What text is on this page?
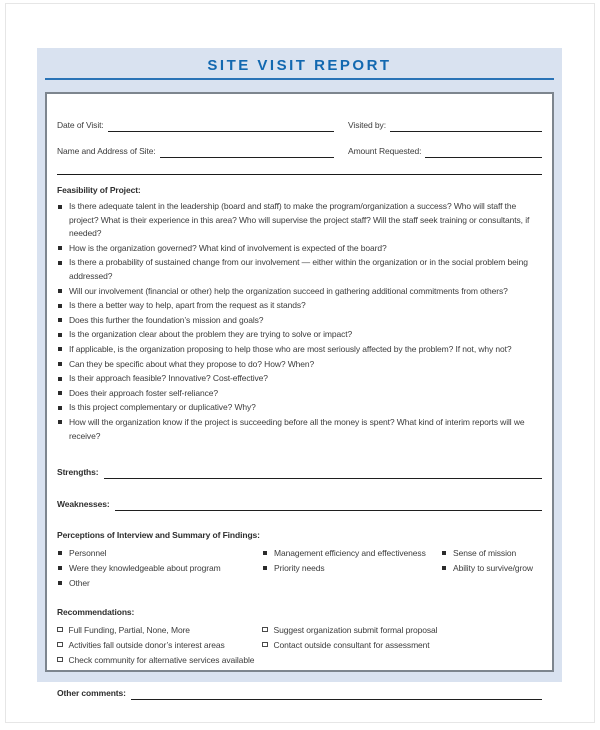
SITE VISIT REPORT
Date of Visit:	Visited by:
Name and Address of Site:	Amount Requested:
Feasibility of Project:
Is there adequate talent in the leadership (board and staff) to make the program/organization a success? Who will staff the project? What is their experience in this area? Who will supervise the project staff? Will the staff seek training or consultants, if needed?
How is the organization governed? What kind of involvement is expected of the board?
Is there a probability of sustained change from our involvement — either within the organization or in the social problem being addressed?
Will our involvement (financial or other) help the organization succeed in gathering additional commitments from others?
Is there a better way to help, apart from the request as it stands?
Does this further the foundation’s mission and goals?
Is the organization clear about the problem they are trying to solve or impact?
If applicable, is the organization proposing to help those who are most seriously affected by the problem? If not, why not?
Can they be specific about what they propose to do? How? When?
Is their approach feasible? Innovative? Cost-effective?
Does their approach foster self-reliance?
Is this project complementary or duplicative? Why?
How will the organization know if the project is succeeding before all the money is spent? What kind of interim reports will we receive?
Strengths:
Weaknesses:
Perceptions of Interview and Summary of Findings:
Personnel
Were they knowledgeable about program
Other
Management efficiency and effectiveness
Priority needs
Sense of mission
Ability to survive/grow
Recommendations:
Full Funding, Partial, None, More
Activities fall outside donor’s interest areas
Check community for alternative services available
Suggest organization submit formal proposal
Contact outside consultant for assessment
Other comments:
